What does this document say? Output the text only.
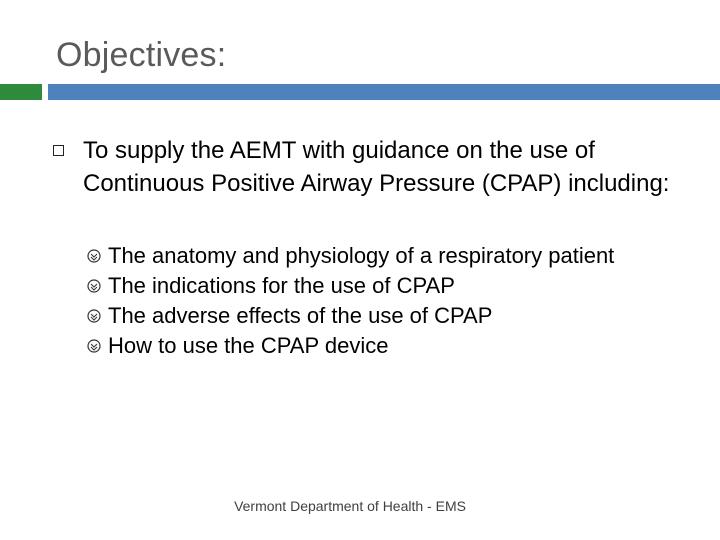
Objectives:
To supply the AEMT with guidance on the use of Continuous Positive Airway Pressure (CPAP) including:
The anatomy and physiology of a respiratory patient
The indications for the use of CPAP
The adverse effects of the use of CPAP
How to use the CPAP device
Vermont Department of Health - EMS
